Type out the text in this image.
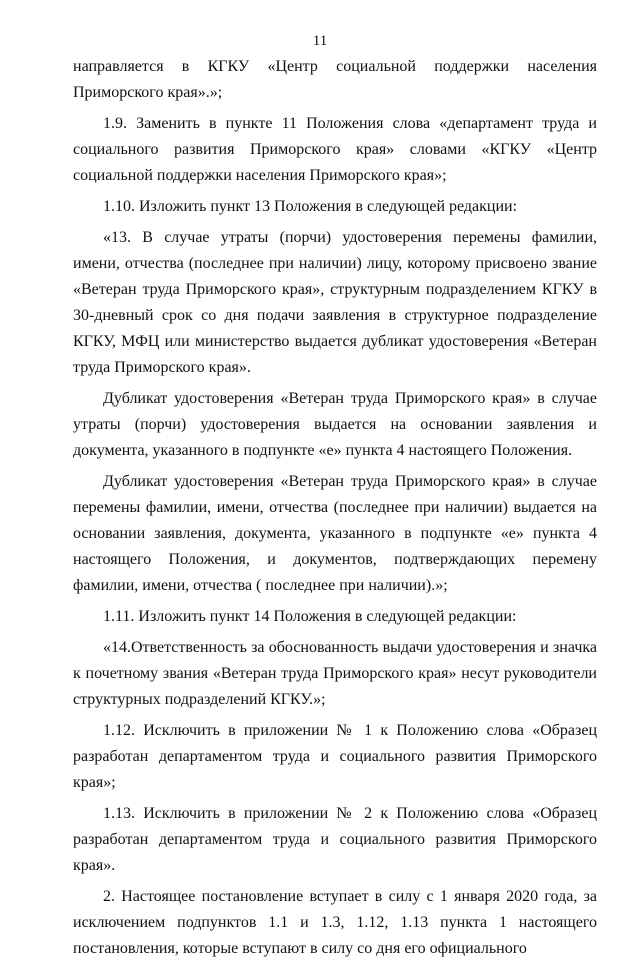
11

направляется в КГКУ «Центр социальной поддержки населения Приморского края».»;

1.9. Заменить в пункте 11 Положения слова «департамент труда и социального развития Приморского края» словами «КГКУ «Центр социальной поддержки населения Приморского края»;

1.10. Изложить пункт 13 Положения в следующей редакции:

«13. В случае утраты (порчи) удостоверения перемены фамилии, имени, отчества (последнее при наличии) лицу, которому присвоено звание «Ветеран труда Приморского края», структурным подразделением КГКУ в 30-дневный срок со дня подачи заявления в структурное подразделение КГКУ, МФЦ или министерство выдается дубликат удостоверения «Ветеран труда Приморского края».

Дубликат удостоверения «Ветеран труда Приморского края» в случае утраты (порчи) удостоверения выдается на основании заявления и документа, указанного в подпункте «е» пункта 4 настоящего Положения.

Дубликат удостоверения «Ветеран труда Приморского края» в случае перемены фамилии, имени, отчества (последнее при наличии) выдается на основании заявления, документа, указанного в подпункте «е» пункта 4 настоящего Положения, и документов, подтверждающих перемену фамилии, имени, отчества ( последнее при наличии).»;

1.11. Изложить пункт 14 Положения в следующей редакции:

«14.Ответственность за обоснованность выдачи удостоверения и значка к почетному звания «Ветеран труда Приморского края» несут руководители структурных подразделений КГКУ.»;

1.12. Исключить в приложении № 1 к Положению слова «Образец разработан департаментом труда и социального развития Приморского края»;

1.13. Исключить в приложении № 2 к Положению слова «Образец разработан департаментом труда и социального развития Приморского края».

2. Настоящее постановление вступает в силу с 1 января 2020 года, за исключением подпунктов 1.1 и 1.3, 1.12, 1.13 пункта 1 настоящего постановления, которые вступают в силу со дня его официального
